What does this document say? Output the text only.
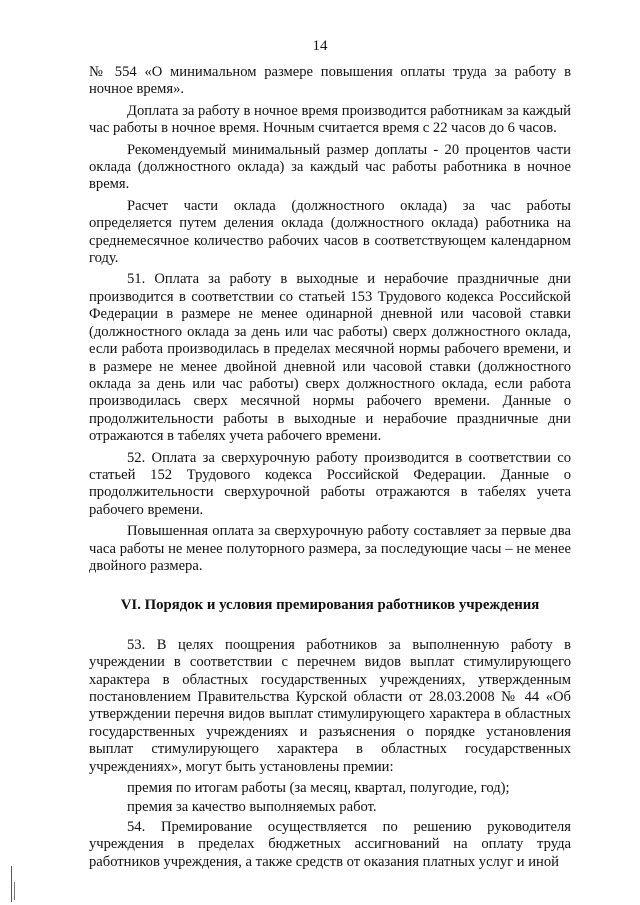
14

№ 554 «О минимальном размере повышения оплаты труда за работу в ночное время».

Доплата за работу в ночное время производится работникам за каждый час работы в ночное время. Ночным считается время с 22 часов до 6 часов.

Рекомендуемый минимальный размер доплаты - 20 процентов части оклада (должностного оклада) за каждый час работы работника в ночное время.

Расчет части оклада (должностного оклада) за час работы определяется путем деления оклада (должностного оклада) работника на среднемесячное количество рабочих часов в соответствующем календарном году.

51. Оплата за работу в выходные и нерабочие праздничные дни производится в соответствии со статьей 153 Трудового кодекса Российской Федерации в размере не менее одинарной дневной или часовой ставки (должностного оклада за день или час работы) сверх должностного оклада, если работа производилась в пределах месячной нормы рабочего времени, и в размере не менее двойной дневной или часовой ставки (должностного оклада за день или час работы) сверх должностного оклада, если работа производилась сверх месячной нормы рабочего времени. Данные о продолжительности работы в выходные и нерабочие праздничные дни отражаются в табелях учета рабочего времени.

52. Оплата за сверхурочную работу производится в соответствии со статьей 152 Трудового кодекса Российской Федерации. Данные о продолжительности сверхурочной работы отражаются в табелях учета рабочего времени.

Повышенная оплата за сверхурочную работу составляет за первые два часа работы не менее полуторного размера, за последующие часы – не менее двойного размера.

VI. Порядок и условия премирования работников учреждения

53. В целях поощрения работников за выполненную работу в учреждении в соответствии с перечнем видов выплат стимулирующего характера в областных государственных учреждениях, утвержденным постановлением Правительства Курской области от 28.03.2008 № 44 «Об утверждении перечня видов выплат стимулирующего характера в областных государственных учреждениях и разъяснения о порядке установления выплат стимулирующего характера в областных государственных учреждениях», могут быть установлены премии:

премия по итогам работы (за месяц, квартал, полугодие, год);

премия за качество выполняемых работ.

54. Премирование осуществляется по решению руководителя учреждения в пределах бюджетных ассигнований на оплату труда работников учреждения, а также средств от оказания платных услуг и иной
